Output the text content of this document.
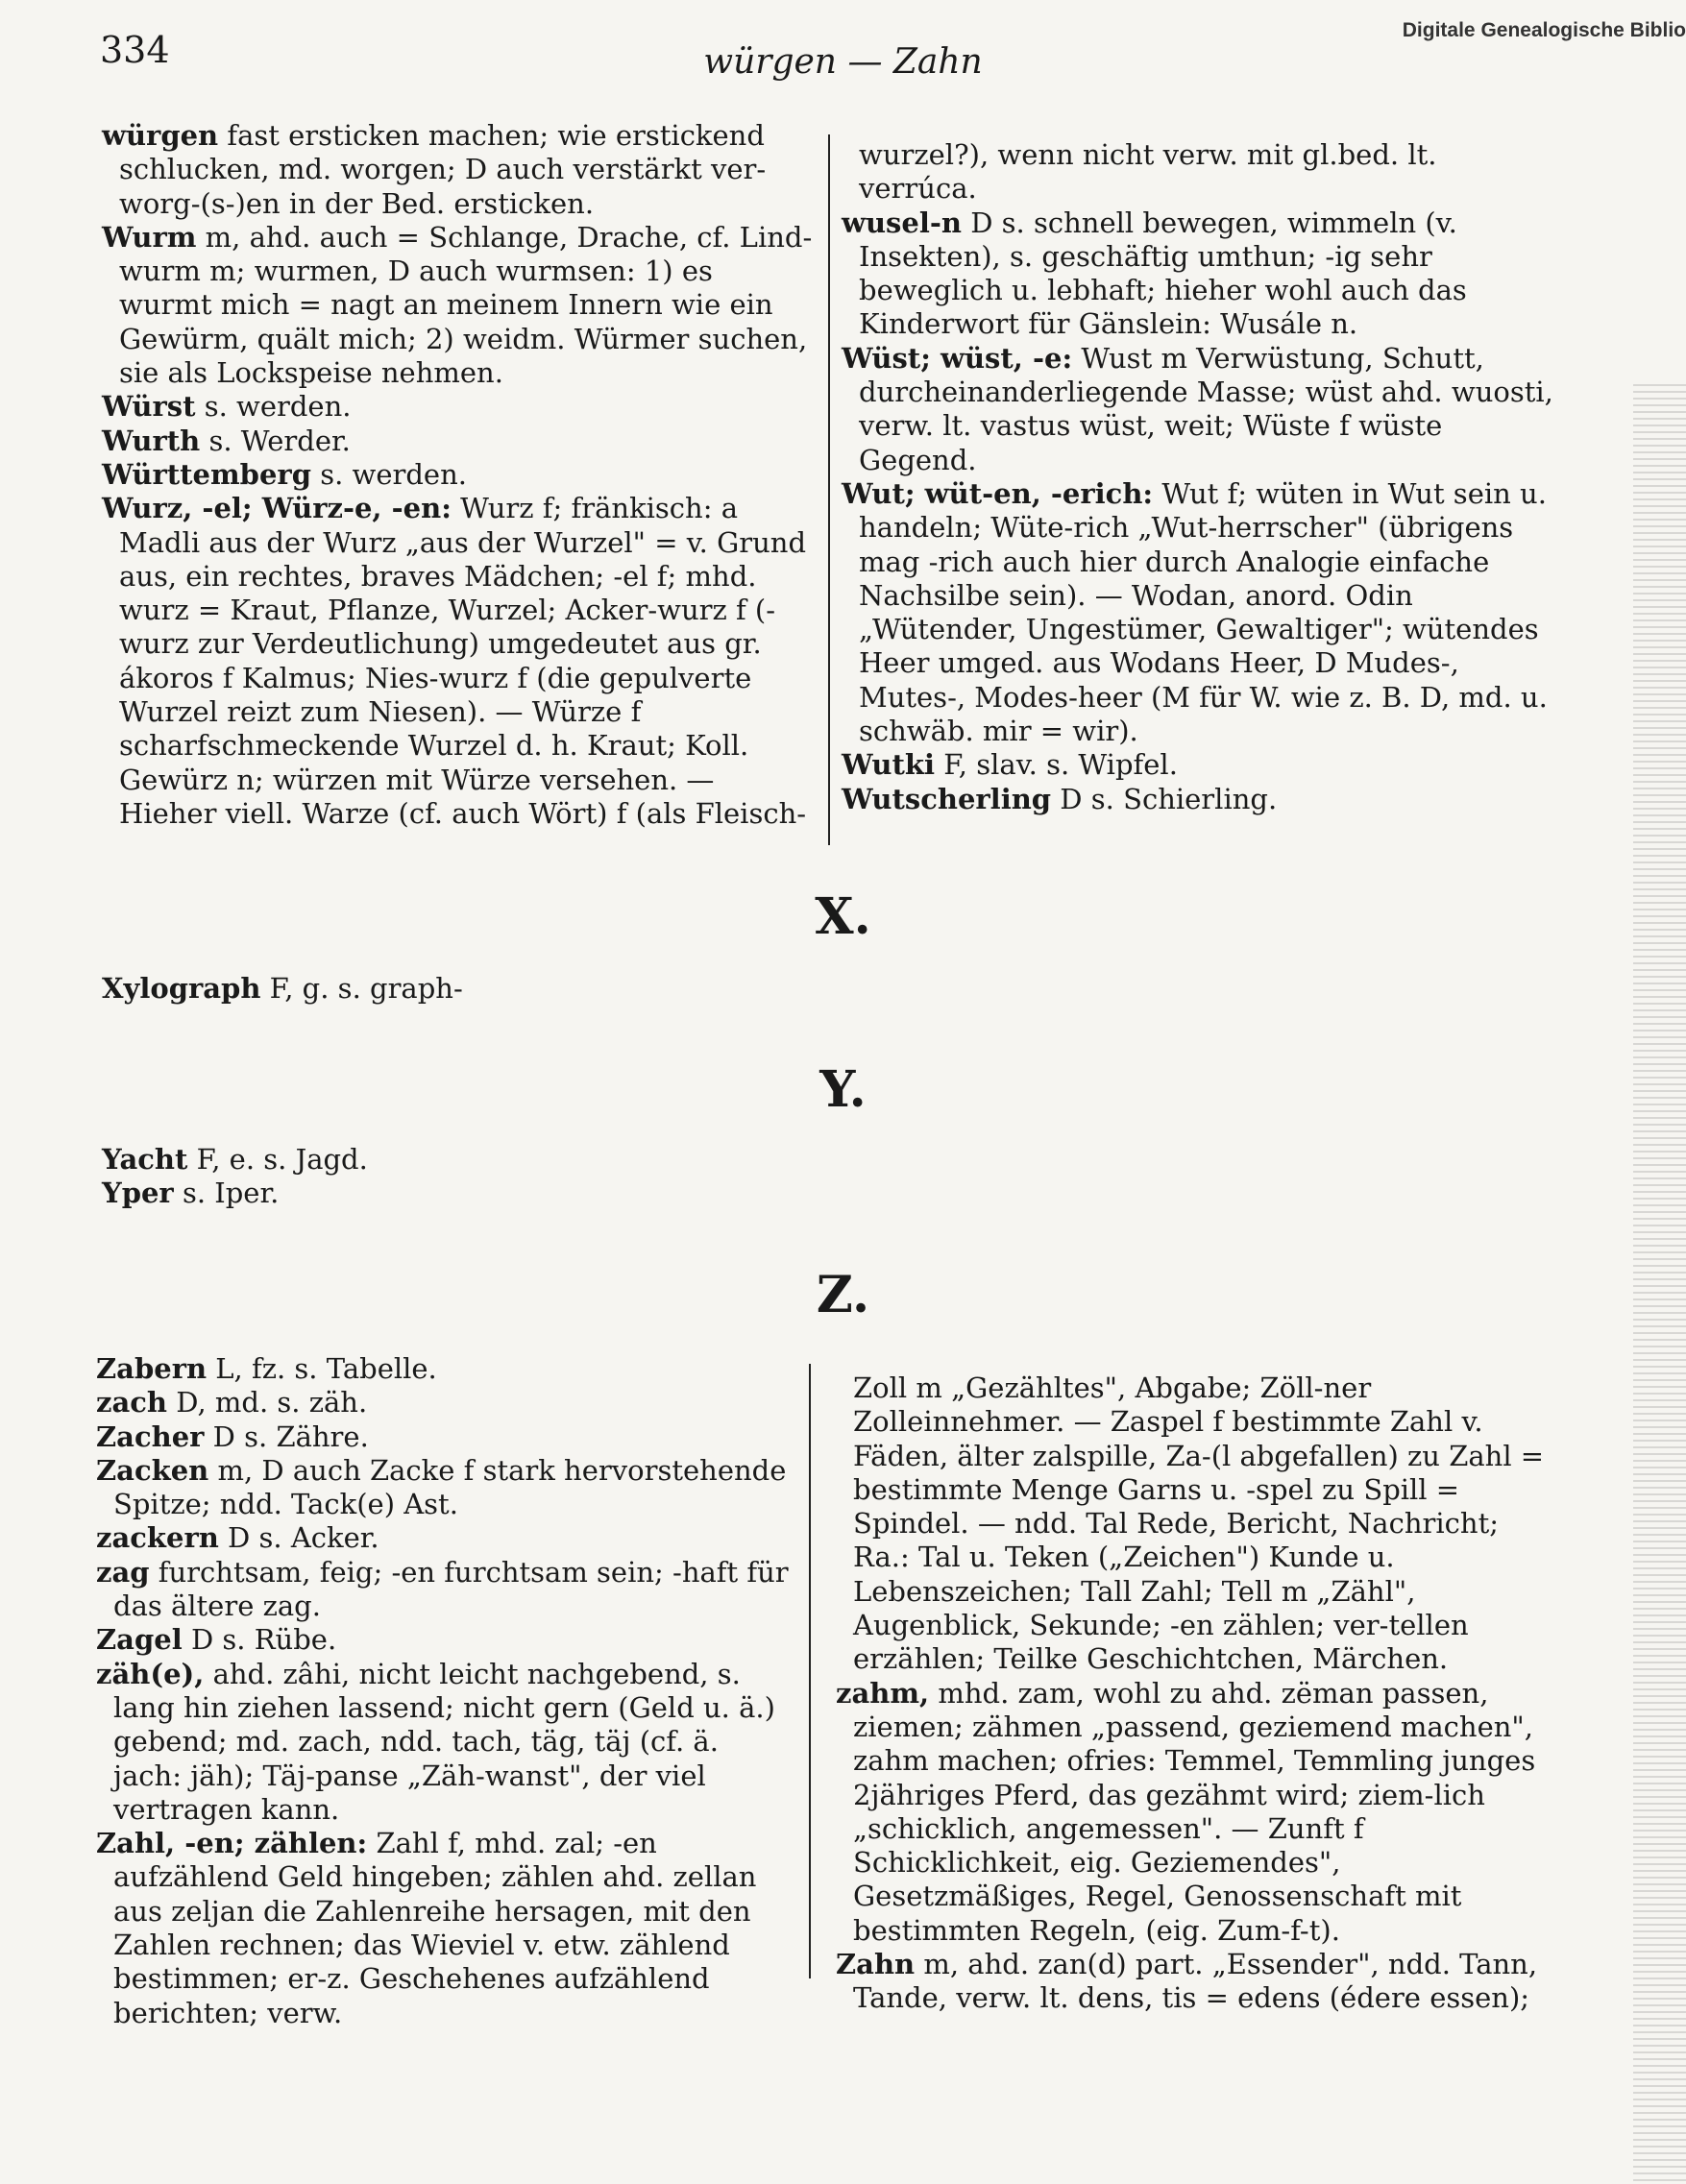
334	würgen — Zahn
Digitale Genealogische Biblio

würgen fast ersticken machen; wie erstickend schlucken, md. worgen; D auch verstärkt ver-worg-(s-)en in der Bed. ersticken.

Wurm m, ahd. auch = Schlange, Drache, cf. Lind-wurm m; wurmen, D auch wurmsen: 1) es wurmt mich = nagt an meinem Innern wie ein Gewürm, quält mich; 2) weidm. Würmer suchen, sie als Lockspeise nehmen.

Würst s. werden.

Wurth s. Werder.

Württemberg s. werden.

Wurz, -el; Würz-e, -en: Wurz f; fränkisch: a Madli aus der Wurz „aus der Wurzel" = v. Grund aus, ein rechtes, braves Mädchen; -el f; mhd. wurz = Kraut, Pflanze, Wurzel; Acker-wurz f (-wurz zur Verdeutlichung) umgedeutet aus gr. ákoros f Kalmus; Nies-wurz f (die gepulverte Wurzel reizt zum Niesen). — Würze f scharfschmeckende Wurzel d. h. Kraut; Koll. Gewürz n; würzen mit Würze versehen. — Hieher viell. Warze (cf. auch Wört) f (als Fleisch-

wurzel?), wenn nicht verw. mit gl.bed. lt. verrúca.

wusel-n D s. schnell bewegen, wimmeln (v. Insekten), s. geschäftig umthun; -ig sehr beweglich u. lebhaft; hieher wohl auch das Kinderwort für Gänslein: Wusále n.

Wüst; wüst, -e: Wust m Verwüstung, Schutt, durcheinanderliegende Masse; wüst ahd. wuosti, verw. lt. vastus wüst, weit; Wüste f wüste Gegend.

Wut; wüt-en, -erich: Wut f; wüten in Wut sein u. handeln; Wüte-rich „Wut-herrscher" (übrigens mag -rich auch hier durch Analogie einfache Nachsilbe sein). — Wodan, anord. Odin „Wütender, Ungestümer, Gewaltiger"; wütendes Heer umged. aus Wodans Heer, D Mudes-, Mutes-, Modes-heer (M für W. wie z. B. D, md. u. schwäb. mir = wir).

Wutki F, slav. s. Wipfel.

Wutscherling D s. Schierling.

X.

Xylograph F, g. s. graph-

Y.

Yacht F, e. s. Jagd.

Yper s. Iper.

Z.

Zabern L, fz. s. Tabelle.

zach D, md. s. zäh.

Zacher D s. Zähre.

Zacken m, D auch Zacke f stark hervorstehende Spitze; ndd. Tack(e) Ast.

zackern D s. Acker.

zag furchtsam, feig; -en furchtsam sein; -haft für das ältere zag.

Zagel D s. Rübe.

zäh(e), ahd. zâhi, nicht leicht nachgebend, s. lang hin ziehen lassend; nicht gern (Geld u. ä.) gebend; md. zach, ndd. tach, täg, täj (cf. ä. jach: jäh); Täj-panse „Zäh-wanst", der viel vertragen kann.

Zahl, -en; zählen: Zahl f, mhd. zal; -en aufzählend Geld hingeben; zählen ahd. zellan aus zeljan die Zahlenreihe hersagen, mit den Zahlen rechnen; das Wieviel v. etw. zählend bestimmen; er-z. Geschehenes aufzählend berichten; verw.

Zoll m „Gezähltes", Abgabe; Zöll-ner Zolleinnehmer. — Zaspel f bestimmte Zahl v. Fäden, älter zalspille, Za-(l abgefallen) zu Zahl = bestimmte Menge Garns u. -spel zu Spill = Spindel. — ndd. Tal Rede, Bericht, Nachricht; Ra.: Tal u. Teken („Zeichen") Kunde u. Lebenszeichen; Tall Zahl; Tell m „Zähl", Augenblick, Sekunde; -en zählen; ver-tellen erzählen; Teilke Geschichtchen, Märchen.

zahm, mhd. zam, wohl zu ahd. zëman passen, ziemen; zähmen „passend, geziemend machen", zahm machen; ofries: Temmel, Temmling junges 2jähriges Pferd, das gezähmt wird; ziem-lich „schicklich, angemessen". — Zunft f Schicklichkeit, eig. Geziemendes", Gesetzmäßiges, Regel, Genossenschaft mit bestimmten Regeln, (eig. Zum-f-t).

Zahn m, ahd. zan(d) part. „Essender", ndd. Tann, Tande, verw. lt. dens, tis = edens (édere essen);
